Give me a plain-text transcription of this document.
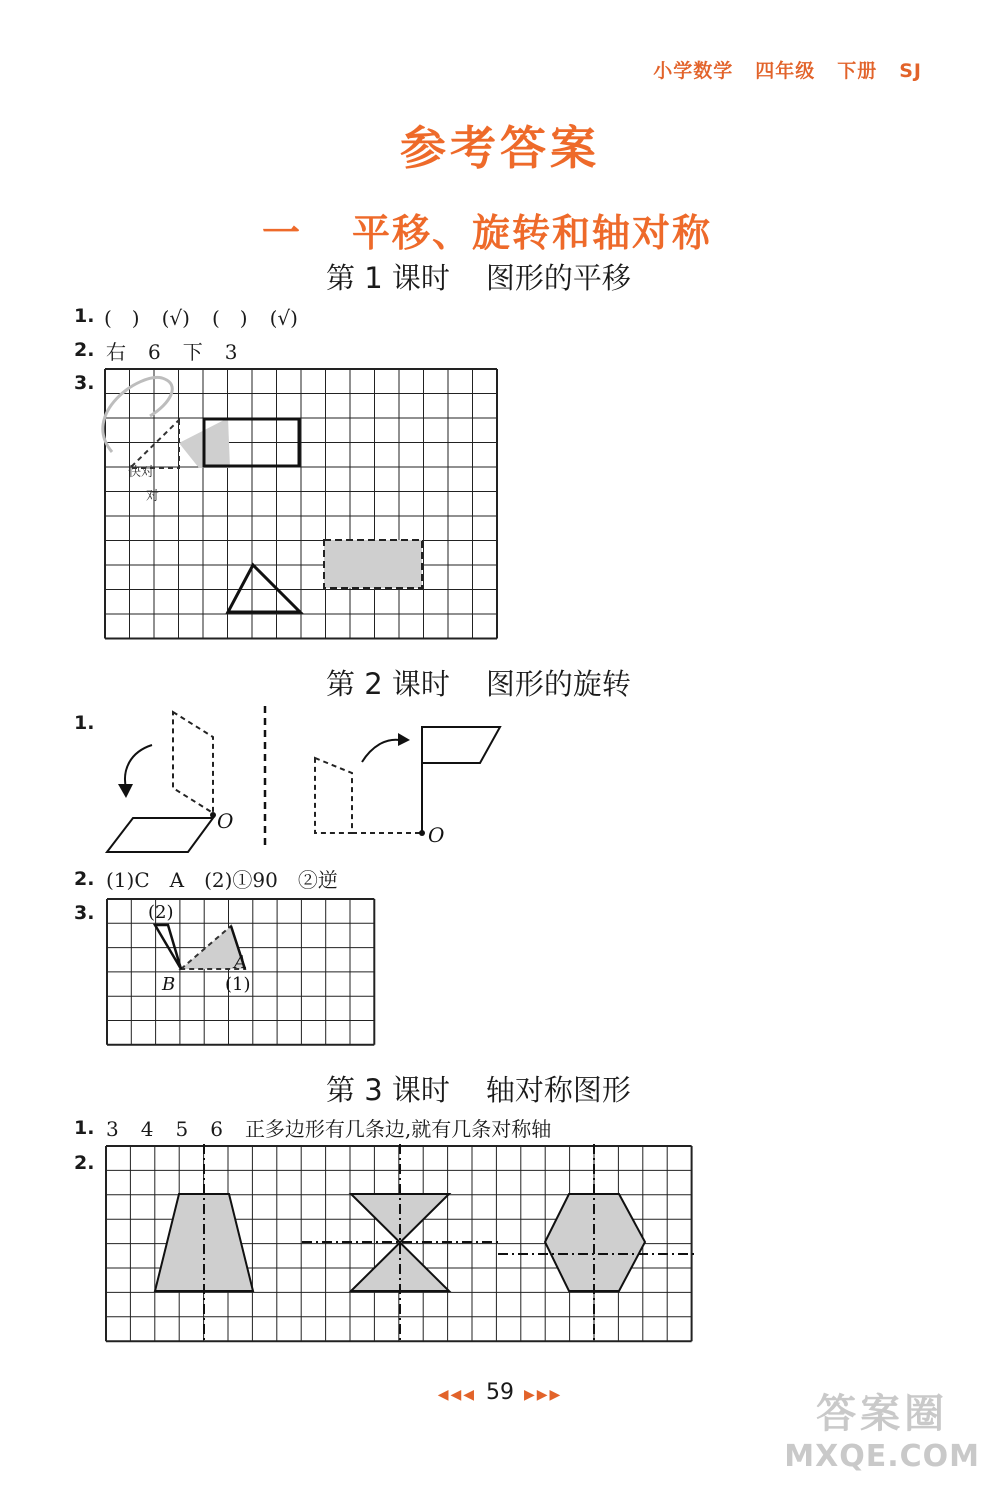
小学数学 四年级 下册 SJ
参考答案
一 平移、旋转和轴对称
第 1 课时 图形的平移
1. (　) (√) (　) (√)
2. 右 6 下 3
3.
快对
对
第 2 课时 图形的旋转
1.
O
O
2. (1)C　A　(2)①90　②逆
3.	(2)
(1)
A
B
第 3 课时 轴对称图形
1. 3 4 5 6 正多边形有几条边,就有几条对称轴
2.
◀◀◀ 59 ▶▶▶	答案圈
MXQE.COM
